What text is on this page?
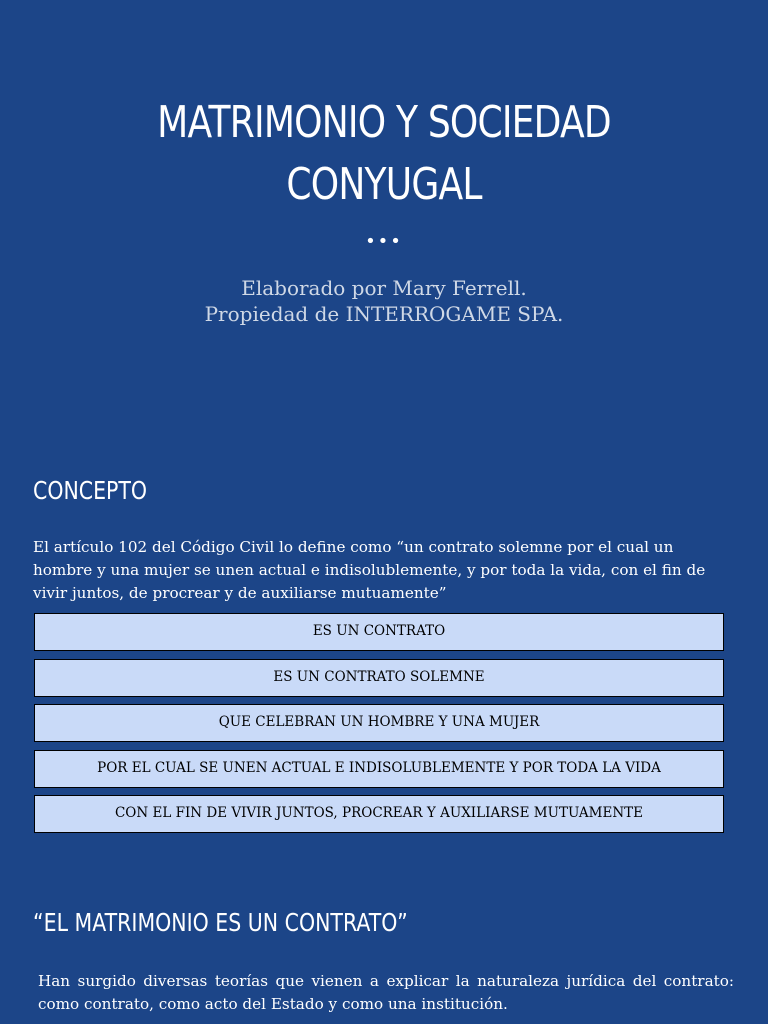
MATRIMONIO Y SOCIEDAD
CONYUGAL
•••
Elaborado por Mary Ferrell.
Propiedad de INTERROGAME SPA.
CONCEPTO
El artículo 102 del Código Civil lo define como “un contrato solemne por el cual un hombre y una mujer se unen actual e indisolublemente, y por toda la vida, con el fin de vivir juntos, de procrear y de auxiliarse mutuamente”
ES UN CONTRATO
ES UN CONTRATO SOLEMNE
QUE CELEBRAN UN HOMBRE Y UNA MUJER
POR EL CUAL SE UNEN ACTUAL E INDISOLUBLEMENTE Y POR TODA LA VIDA
CON EL FIN DE VIVIR JUNTOS, PROCREAR Y AUXILIARSE MUTUAMENTE
“EL MATRIMONIO ES UN CONTRATO”
Han surgido diversas teorías que vienen a explicar la naturaleza jurídica del contrato: como contrato, como acto del Estado y como una institución.
